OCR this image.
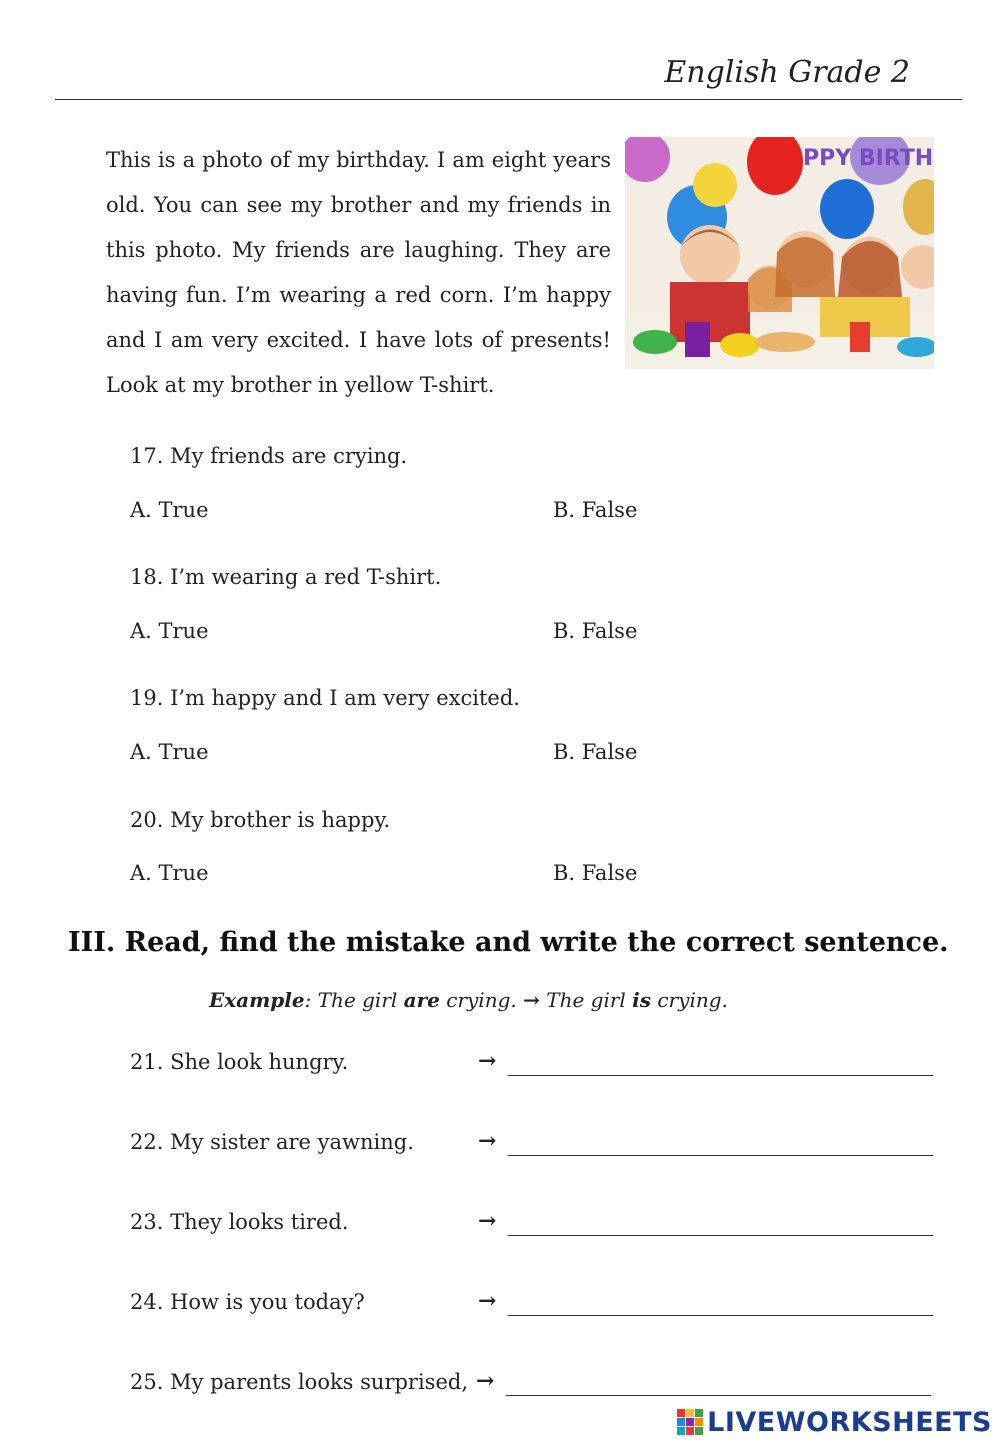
English Grade 2

This is a photo of my birthday. I am eight years old. You can see my brother and my friends in this photo. My friends are laughing. They are having fun. I’m wearing a red corn. I’m happy and I am very excited. I have lots of presents! Look at my brother in yellow T-shirt.

PPY BIRTH
17. My friends are crying.
A. True	B. False
18. I’m wearing a red T-shirt.
A. True	B. False
19. I’m happy and I am very excited.
A. True	B. False
20. My brother is happy.
A. True	B. False
III. Read, find the mistake and write the correct sentence.
Example: The girl are crying. → The girl is crying.
21. She look hungry.	→
22. My sister are yawning.	→
23. They looks tired.	→
24. How is you today?	→
25. My parents looks surprised, →
LIVEWORKSHEETS
